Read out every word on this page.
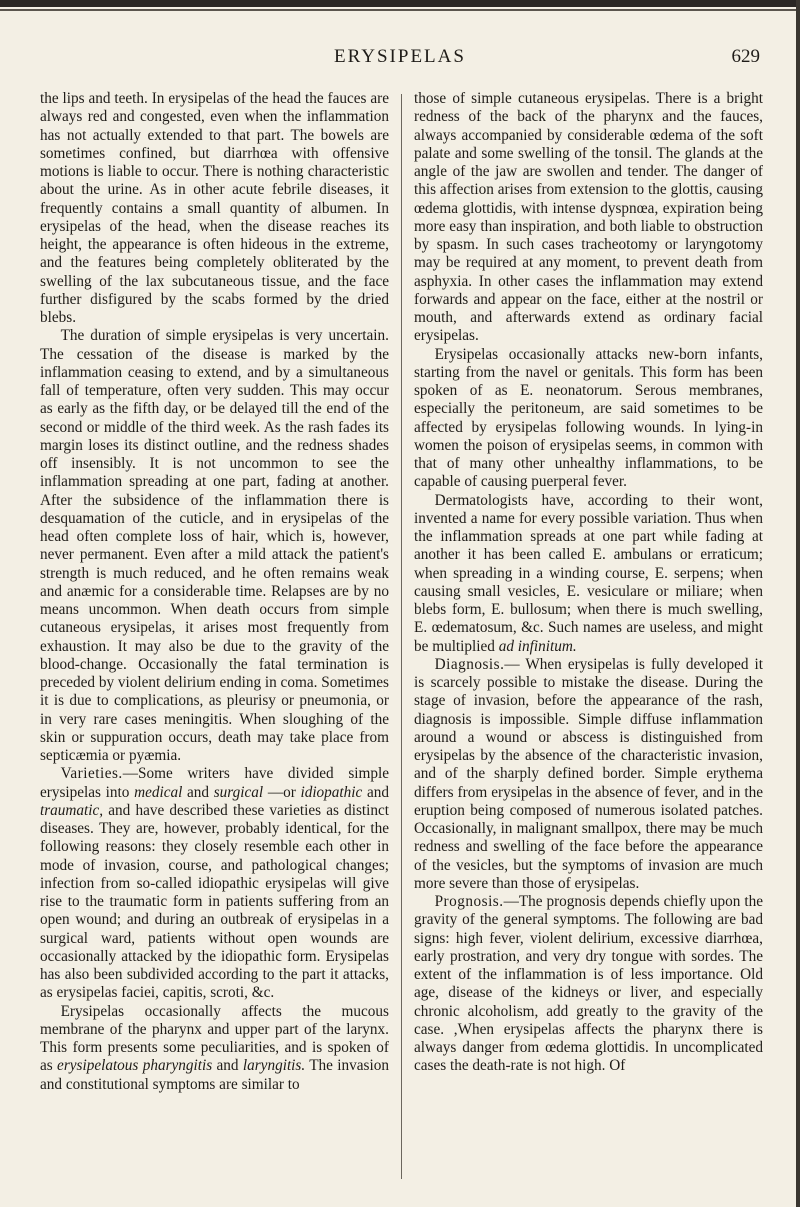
ERYSIPELAS	629

the lips and teeth. In erysipelas of the head the fauces are always red and congested, even when the inflammation has not actually extended to that part. The bowels are sometimes confined, but diarrhœa with offensive motions is liable to occur. There is nothing characteristic about the urine. As in other acute febrile diseases, it frequently contains a small quantity of albumen. In erysipelas of the head, when the disease reaches its height, the appearance is often hideous in the extreme, and the features being completely obliterated by the swelling of the lax subcutaneous tissue, and the face further disfigured by the scabs formed by the dried blebs.

The duration of simple erysipelas is very uncertain. The cessation of the disease is marked by the inflammation ceasing to extend, and by a simultaneous fall of temperature, often very sudden. This may occur as early as the fifth day, or be delayed till the end of the second or middle of the third week. As the rash fades its margin loses its distinct outline, and the redness shades off insensibly. It is not uncommon to see the inflammation spreading at one part, fading at another. After the subsidence of the inflammation there is desquamation of the cuticle, and in erysipelas of the head often complete loss of hair, which is, however, never permanent. Even after a mild attack the patient's strength is much reduced, and he often remains weak and anæmic for a considerable time. Relapses are by no means uncommon. When death occurs from simple cutaneous erysipelas, it arises most frequently from exhaustion. It may also be due to the gravity of the blood-change. Occasionally the fatal termination is preceded by violent delirium ending in coma. Sometimes it is due to complications, as pleurisy or pneumonia, or in very rare cases meningitis. When sloughing of the skin or suppuration occurs, death may take place from septicæmia or pyæmia.

Varieties.—Some writers have divided simple erysipelas into medical and surgical —or idiopathic and traumatic, and have described these varieties as distinct diseases. They are, however, probably identical, for the following reasons: they closely resemble each other in mode of invasion, course, and pathological changes; infection from so-called idiopathic erysipelas will give rise to the traumatic form in patients suffering from an open wound; and during an outbreak of erysipelas in a surgical ward, patients without open wounds are occasionally attacked by the idiopathic form. Erysipelas has also been subdivided according to the part it attacks, as erysipelas faciei, capitis, scroti, &c.

Erysipelas occasionally affects the mucous membrane of the pharynx and upper part of the larynx. This form presents some peculiarities, and is spoken of as erysipelatous pharyngitis and laryngitis. The invasion and constitutional symptoms are similar to

those of simple cutaneous erysipelas. There is a bright redness of the back of the pharynx and the fauces, always accompanied by considerable œdema of the soft palate and some swelling of the tonsil. The glands at the angle of the jaw are swollen and tender. The danger of this affection arises from extension to the glottis, causing œdema glottidis, with intense dyspnœa, expiration being more easy than inspiration, and both liable to obstruction by spasm. In such cases tracheotomy or laryngotomy may be required at any moment, to prevent death from asphyxia. In other cases the inflammation may extend forwards and appear on the face, either at the nostril or mouth, and afterwards extend as ordinary facial erysipelas.

Erysipelas occasionally attacks new-born infants, starting from the navel or genitals. This form has been spoken of as E. neonatorum. Serous membranes, especially the peritoneum, are said sometimes to be affected by erysipelas following wounds. In lying-in women the poison of erysipelas seems, in common with that of many other unhealthy inflammations, to be capable of causing puerperal fever.

Dermatologists have, according to their wont, invented a name for every possible variation. Thus when the inflammation spreads at one part while fading at another it has been called E. ambulans or erraticum; when spreading in a winding course, E. serpens; when causing small vesicles, E. vesiculare or miliare; when blebs form, E. bullosum; when there is much swelling, E. œdematosum, &c. Such names are useless, and might be multiplied ad infinitum.

Diagnosis.— When erysipelas is fully developed it is scarcely possible to mistake the disease. During the stage of invasion, before the appearance of the rash, diagnosis is impossible. Simple diffuse inflammation around a wound or abscess is distinguished from erysipelas by the absence of the characteristic invasion, and of the sharply defined border. Simple erythema differs from erysipelas in the absence of fever, and in the eruption being composed of numerous isolated patches. Occasionally, in malignant smallpox, there may be much redness and swelling of the face before the appearance of the vesicles, but the symptoms of invasion are much more severe than those of erysipelas.

Prognosis.—The prognosis depends chiefly upon the gravity of the general symptoms. The following are bad signs: high fever, violent delirium, excessive diarrhœa, early prostration, and very dry tongue with sordes. The extent of the inflammation is of less importance. Old age, disease of the kidneys or liver, and especially chronic alcoholism, add greatly to the gravity of the case. ,When erysipelas affects the pharynx there is always danger from œdema glottidis. In uncomplicated cases the death-rate is not high. Of
